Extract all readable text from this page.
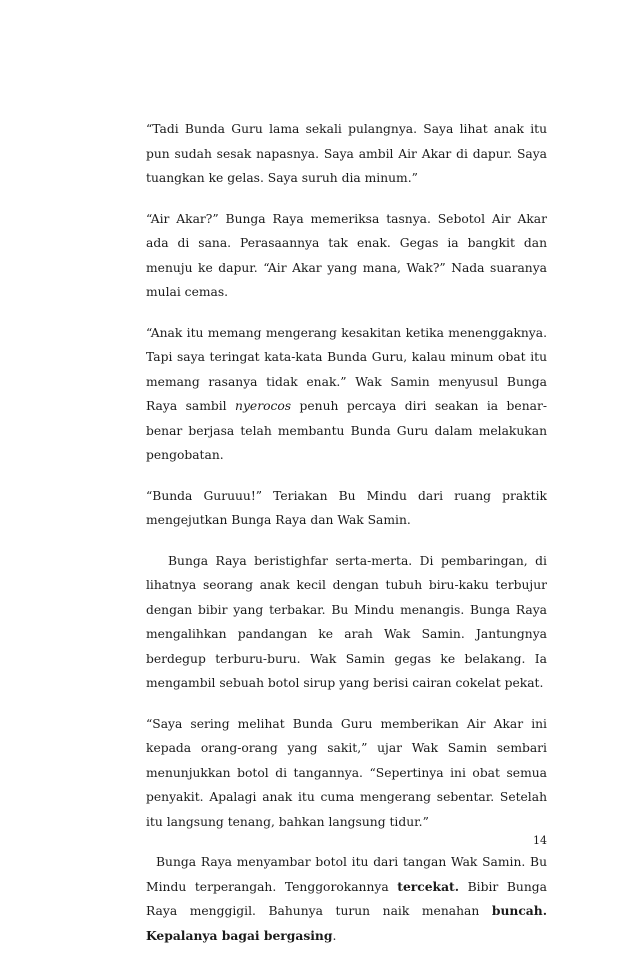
“Tadi Bunda Guru lama sekali pulangnya. Saya lihat anak itu pun sudah sesak napasnya. Saya ambil Air Akar di dapur. Saya tuangkan ke gelas. Saya suruh dia minum.”

“Air Akar?” Bunga Raya memeriksa tasnya. Sebotol Air Akar ada di sana. Perasaannya tak enak. Gegas ia bangkit dan menuju ke dapur. “Air Akar yang mana, Wak?” Nada suaranya mulai cemas.

“Anak itu memang mengerang kesakitan ketika menenggaknya. Tapi saya teringat kata-kata Bunda Guru, kalau minum obat itu memang rasanya tidak enak.” Wak Samin menyusul Bunga Raya sambil nyerocos penuh percaya diri seakan ia benar-benar berjasa telah membantu Bunda Guru dalam melakukan pengobatan.

“Bunda Guruuu!” Teriakan Bu Mindu dari ruang praktik mengejutkan Bunga Raya dan Wak Samin.

Bunga Raya beristighfar serta-merta. Di pembaringan, di lihatnya seorang anak kecil dengan tubuh biru-kaku terbujur dengan bibir yang terbakar. Bu Mindu menangis. Bunga Raya mengalihkan pandangan ke arah Wak Samin. Jantungnya berdegup terburu-buru. Wak Samin gegas ke belakang. Ia mengambil sebuah botol sirup yang berisi cairan cokelat pekat.

“Saya sering melihat Bunda Guru memberikan Air Akar ini kepada orang-orang yang sakit,” ujar Wak Samin sembari menunjukkan botol di tangannya. “Sepertinya ini obat semua penyakit. Apalagi anak itu cuma mengerang sebentar. Setelah itu langsung tenang, bahkan langsung tidur.”

Bunga Raya menyambar botol itu dari tangan Wak Samin. Bu Mindu terperangah. Tenggorokannya tercekat. Bibir Bunga Raya menggigil. Bahunya turun naik menahan buncah. Kepalanya bagai bergasing.

14
